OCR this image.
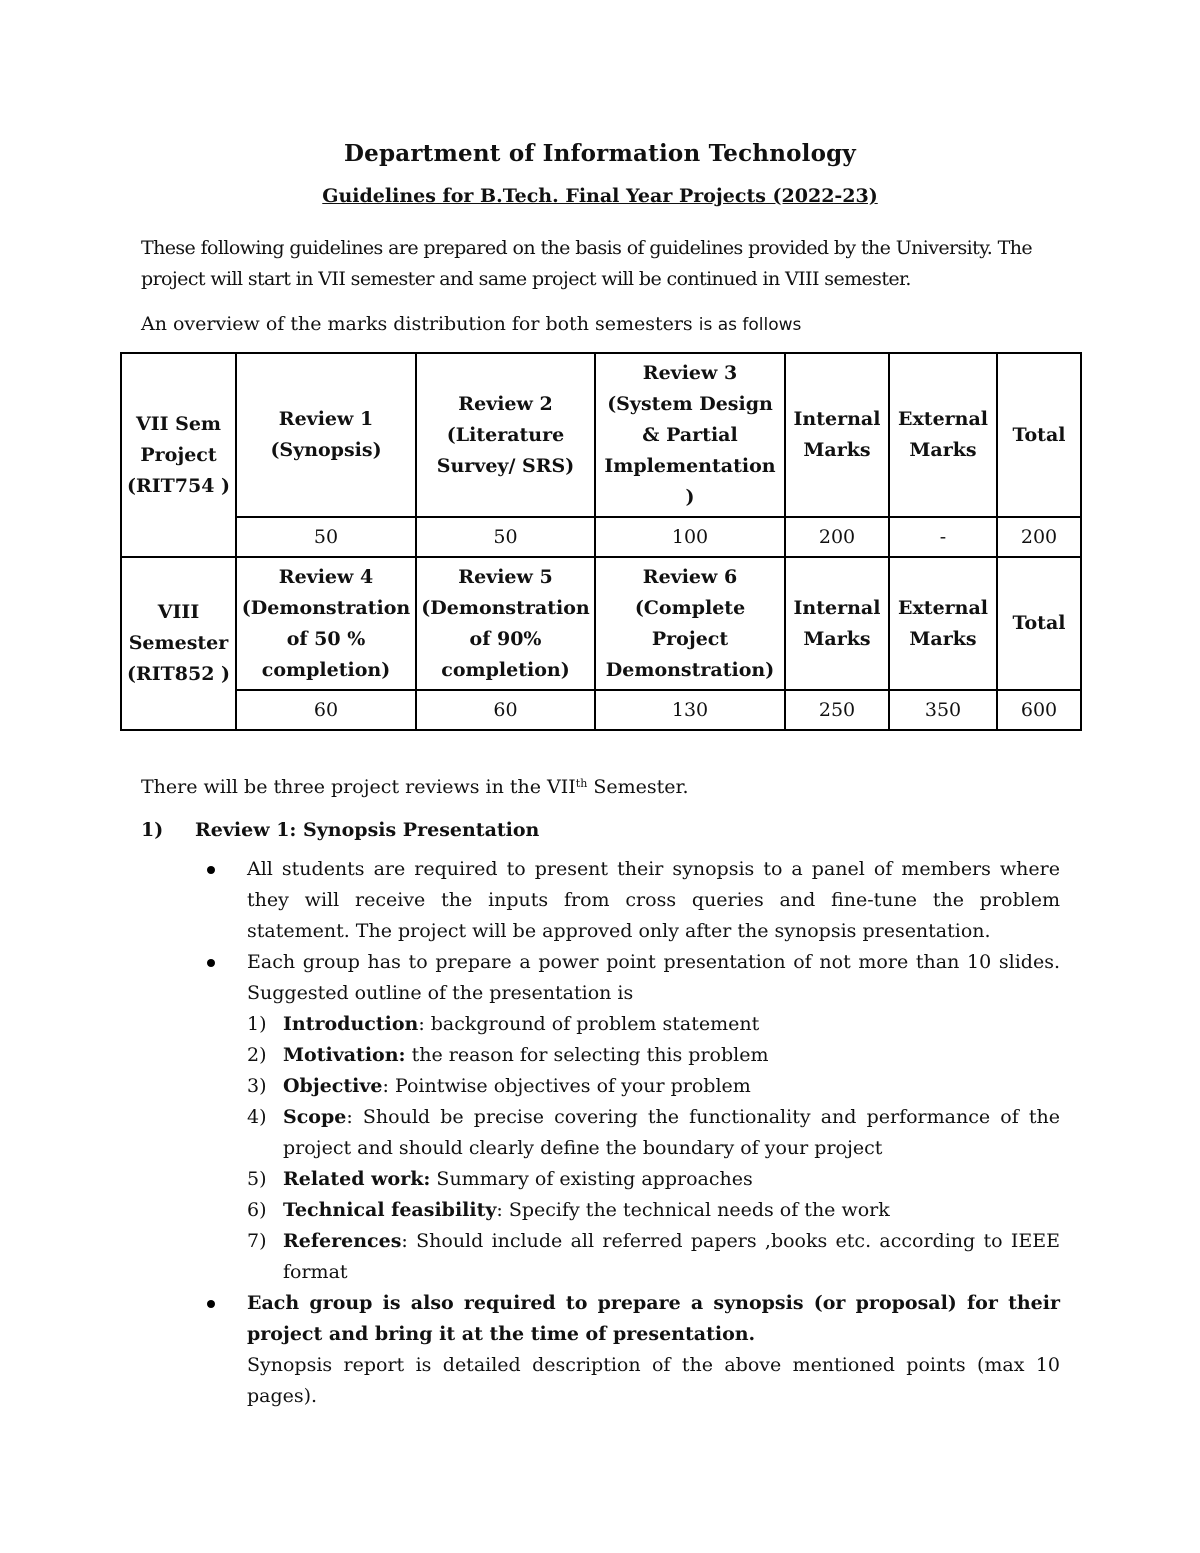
Department of Information Technology
Guidelines for B.Tech. Final Year Projects (2022-23)
These following guidelines are prepared on the basis of guidelines provided by the University. The project will start in VII semester and same project will be continued in VIII semester.
An overview of the marks distribution for both semesters is as follows
VII Sem Project (RIT754 )	Review 1 (Synopsis)	Review 2 (Literature Survey/ SRS)	Review 3 (System Design & Partial Implementation )	Internal Marks	External Marks	Total
	50	50	100	200	-	200
VIII Semester (RIT852 )	Review 4 (Demonstration of 50 % completion)	Review 5 (Demonstration of 90% completion)	Review 6 (Complete Project Demonstration)	Internal Marks	External Marks	Total
	60	60	130	250	350	600
There will be three project reviews in the VIIth Semester.
1) Review 1: Synopsis Presentation
All students are required to present their synopsis to a panel of members where they will receive the inputs from cross queries and fine-tune the problem statement. The project will be approved only after the synopsis presentation.
Each group has to prepare a power point presentation of not more than 10 slides. Suggested outline of the presentation is
1) Introduction: background of problem statement
2) Motivation: the reason for selecting this problem
3) Objective: Pointwise objectives of your problem
4) Scope: Should be precise covering the functionality and performance of the project and should clearly define the boundary of your project
5) Related work: Summary of existing approaches
6) Technical feasibility: Specify the technical needs of the work
7) References: Should include all referred papers ,books etc. according to IEEE format
Each group is also required to prepare a synopsis (or proposal) for their project and bring it at the time of presentation.
Synopsis report is detailed description of the above mentioned points (max 10 pages).
